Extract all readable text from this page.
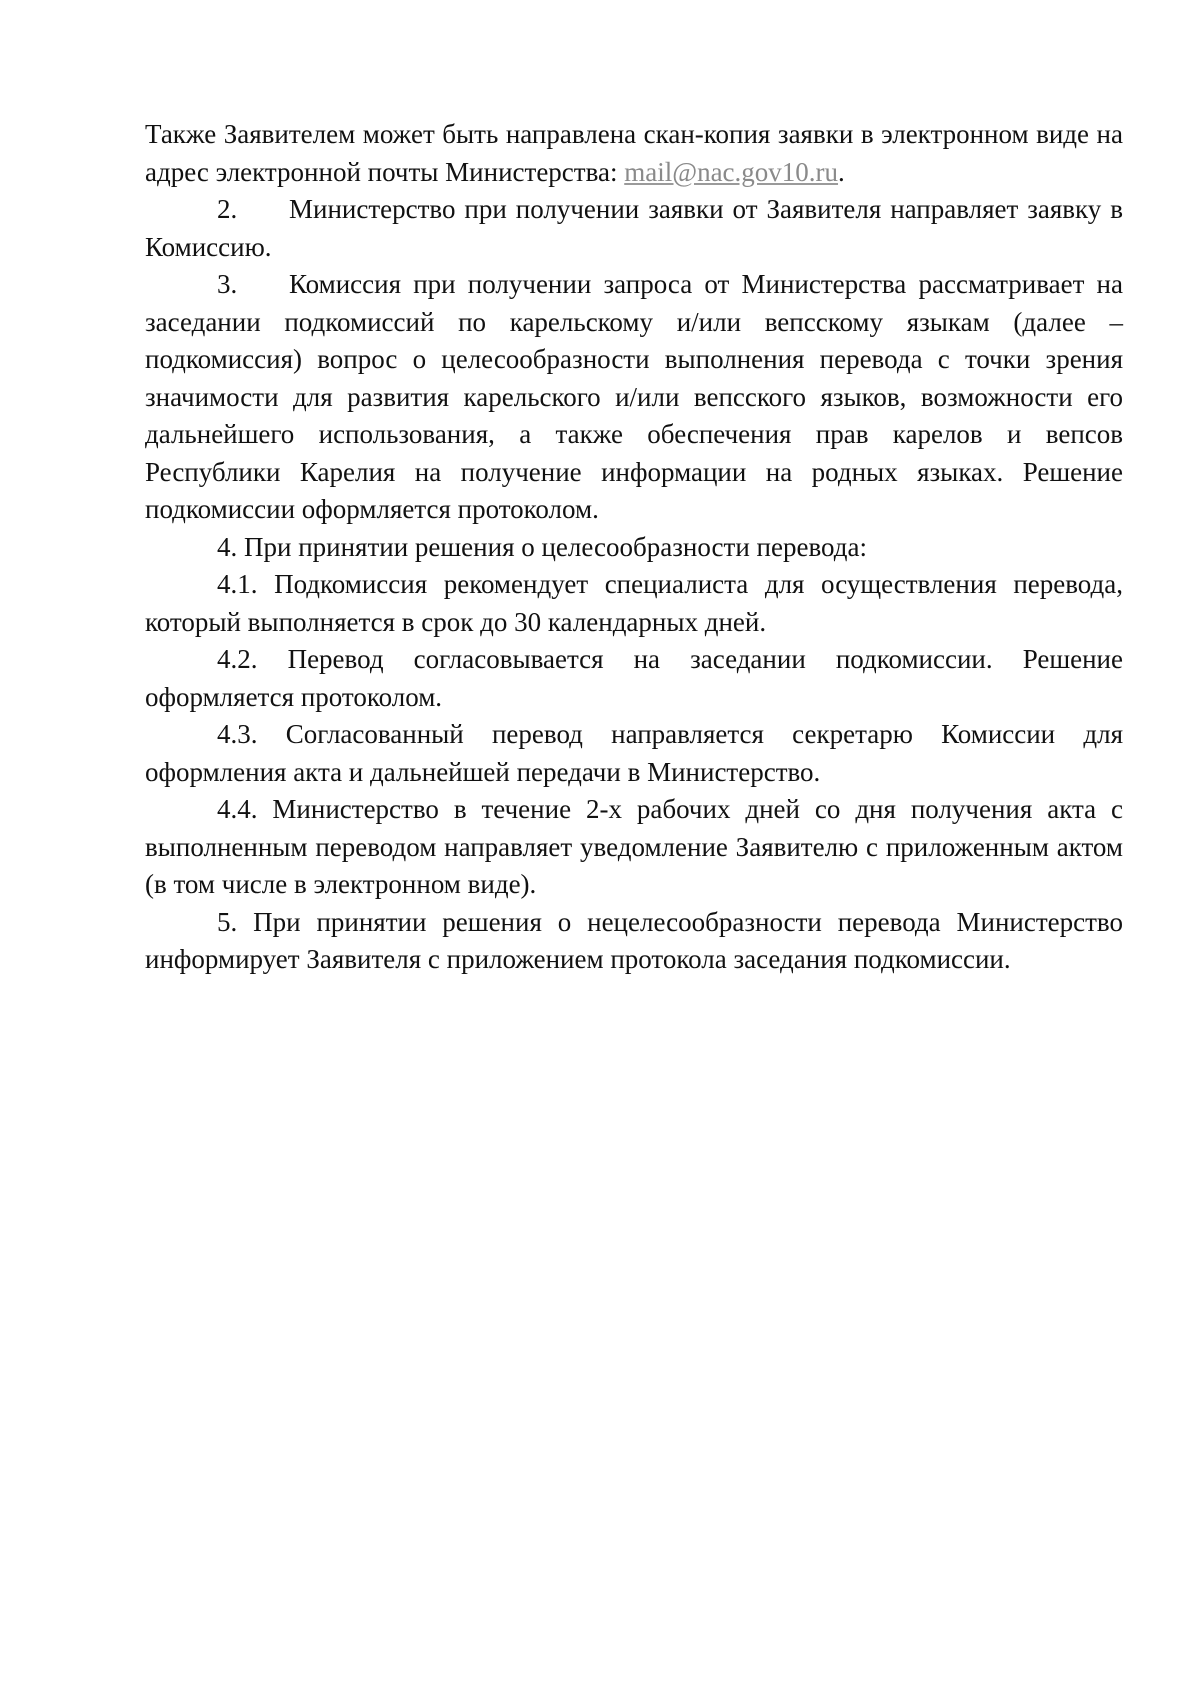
Также Заявителем может быть направлена скан-копия заявки в электронном виде на адрес электронной почты Министерства: mail@nac.gov10.ru.

2. Министерство при получении заявки от Заявителя направляет заявку в Комиссию.

3. Комиссия при получении запроса от Министерства рассматривает на заседании подкомиссий по карельскому и/или вепсскому языкам (далее – подкомиссия) вопрос о целесообразности выполнения перевода с точки зрения значимости для развития карельского и/или вепсского языков, возможности его дальнейшего использования, а также обеспечения прав карелов и вепсов Республики Карелия на получение информации на родных языках. Решение подкомиссии оформляется протоколом.

4. При принятии решения о целесообразности перевода:

4.1. Подкомиссия рекомендует специалиста для осуществления перевода, который выполняется в срок до 30 календарных дней.

4.2. Перевод согласовывается на заседании подкомиссии. Решение оформляется протоколом.

4.3. Согласованный перевод направляется секретарю Комиссии для оформления акта и дальнейшей передачи в Министерство.

4.4. Министерство в течение 2-х рабочих дней со дня получения акта с выполненным переводом направляет уведомление Заявителю с приложенным актом (в том числе в электронном виде).

5. При принятии решения о нецелесообразности перевода Министерство информирует Заявителя с приложением протокола заседания подкомиссии.
